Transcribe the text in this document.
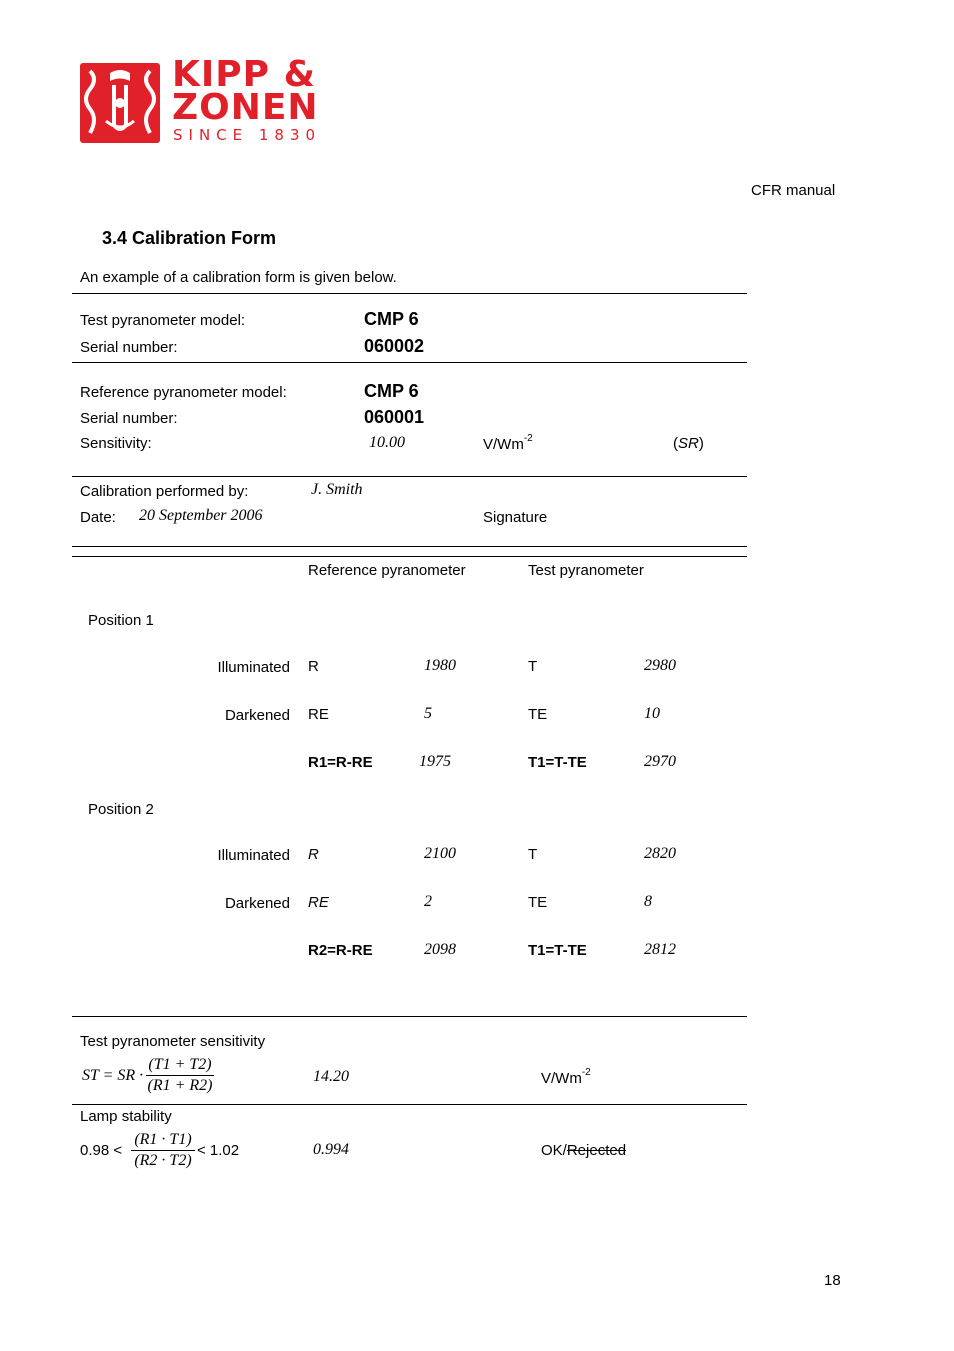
KIPP &
ZONEN
SINCE 1830
CFR manual
3.4 Calibration Form
An example of a calibration form is given below.
Test pyranometer model:	CMP 6
Serial number:	060002
Reference pyranometer model:	CMP 6
Serial number:	060001
Sensitivity:	10.00	$V/Wm^{-2}$	(SR)
Calibration performed by:	J. Smith
Date: 20 September 2006	Signature
Reference pyranometer	Test pyranometer
Position 1
Illuminated R	1980	T	2980
Darkened RE	5	TE	10
R1=R-RE	1975	T1=T-TE	2970
Position 2
Illuminated R	2100	T	2820
Darkened RE	2	TE	8
R2=R-RE	2098	T1=T-TE	2812
Test pyranometer sensitivity
ST = SR ·
(T1 + T2)
(R1 + R2)
14.20	$V/Wm^{-2}$
Lamp stability
0.98 <
(R1 · T1)
(R2 · T2)
< 1.02	0.994	OK/Rejected
18
